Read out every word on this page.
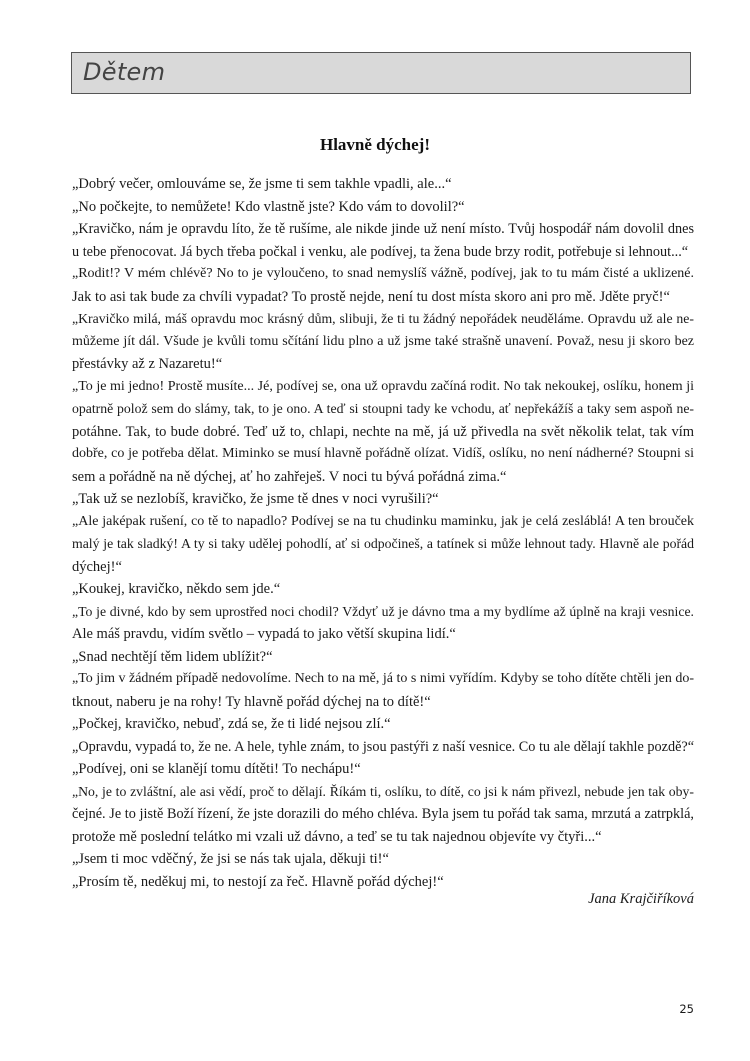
Dětem
Hlavně dýchej!
„Dobrý večer, omlouváme se, že jsme ti sem takhle vpadli, ale...“
„No počkejte, to nemůžete! Kdo vlastně jste? Kdo vám to dovolil?“
„Kravičko, nám je opravdu líto, že tě rušíme, ale nikde jinde už není místo. Tvůj hospodář nám dovolil dnes
u tebe přenocovat. Já bych třeba počkal i venku, ale podívej, ta žena bude brzy rodit, potřebuje si lehnout...“
„Rodit!? V mém chlévě? No to je vyloučeno, to snad nemyslíš vážně, podívej, jak to tu mám čisté a uklizené.
Jak to asi tak bude za chvíli vypadat? To prostě nejde, není tu dost místa skoro ani pro mě. Jděte pryč!“
„Kravičko milá, máš opravdu moc krásný dům, slibuji, že ti tu žádný nepořádek neuděláme. Opravdu už ale ne-
můžeme jít dál. Všude je kvůli tomu sčítání lidu plno a už jsme také strašně unavení. Považ, nesu ji skoro bez
přestávky až z Nazaretu!“
„To je mi jedno! Prostě musíte... Jé, podívej se, ona už opravdu začíná rodit. No tak nekoukej, oslíku, honem ji
opatrně polož sem do slámy, tak, to je ono. A teď si stoupni tady ke vchodu, ať nepřekážíš a taky sem aspoň ne-
potáhne. Tak, to bude dobré. Teď už to, chlapi, nechte na mě, já už přivedla na svět několik telat, tak vím
dobře, co je potřeba dělat. Miminko se musí hlavně pořádně olízat. Vidíš, oslíku, no není nádherné? Stoupni si
sem a pořádně na ně dýchej, ať ho zahřeješ. V noci tu bývá pořádná zima.“
„Tak už se nezlobíš, kravičko, že jsme tě dnes v noci vyrušili?“
„Ale jaképak rušení, co tě to napadlo? Podívej se na tu chudinku maminku, jak je celá zesláblá! A ten brouček
malý je tak sladký! A ty si taky udělej pohodlí, ať si odpočineš, a tatínek si může lehnout tady. Hlavně ale pořád
dýchej!“
„Koukej, kravičko, někdo sem jde.“
„To je divné, kdo by sem uprostřed noci chodil? Vždyť už je dávno tma a my bydlíme až úplně na kraji vesnice.
Ale máš pravdu, vidím světlo – vypadá to jako větší skupina lidí.“
„Snad nechtějí těm lidem ublížit?“
„To jim v žádném případě nedovolíme. Nech to na mě, já to s nimi vyřídím. Kdyby se toho dítěte chtěli jen do-
tknout, naberu je na rohy! Ty hlavně pořád dýchej na to dítě!“
„Počkej, kravičko, nebuď, zdá se, že ti lidé nejsou zlí.“
„Opravdu, vypadá to, že ne. A hele, tyhle znám, to jsou pastýři z naší vesnice. Co tu ale dělají takhle pozdě?“
„Podívej, oni se klanějí tomu dítěti! To nechápu!“
„No, je to zvláštní, ale asi vědí, proč to dělají. Říkám ti, oslíku, to dítě, co jsi k nám přivezl, nebude jen tak oby-
čejné. Je to jistě Boží řízení, že jste dorazili do mého chléva. Byla jsem tu pořád tak sama, mrzutá a zatrpklá,
protože mě poslední telátko mi vzali už dávno, a teď se tu tak najednou objevíte vy čtyři...“
„Jsem ti moc vděčný, že jsi se nás tak ujala, děkuji ti!“
„Prosím tě, neděkuj mi, to nestojí za řeč. Hlavně pořád dýchej!“
Jana Krajčiříková
25
